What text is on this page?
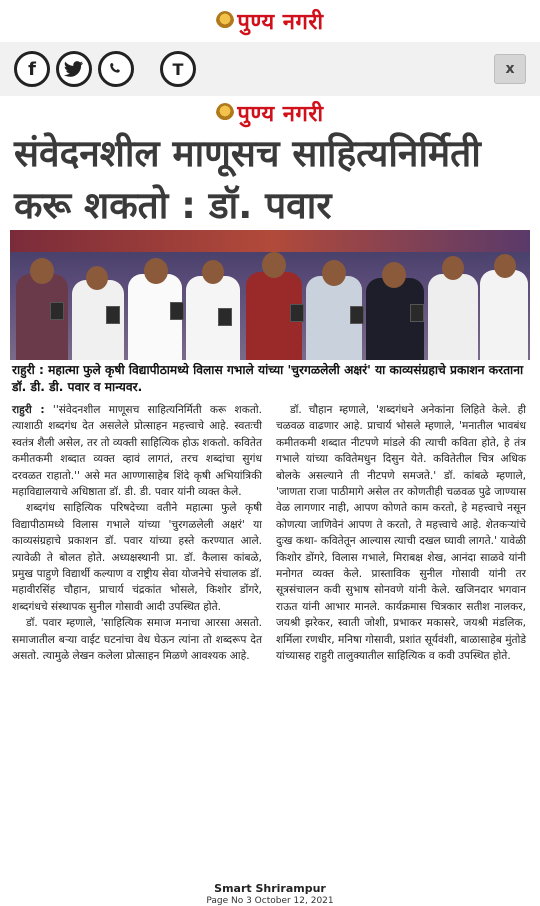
पुण्य नगरी
f	T	x
पुण्य नगरी
संवेदनशील माणूसच साहित्यनिर्मिती करू शकतो : डॉ. पवार
राहुरी : महात्मा फुले कृषी विद्यापीठामध्ये विलास गभाले यांच्या 'चुरगळलेली अक्षरं' या काव्यसंग्रहाचे प्रकाशन करताना डॉ. डी. डी. पवार व मान्यवर.

राहुरी : ''संवेदनशील माणूसच साहित्यनिर्मिती करू शकतो. त्याशाठी शब्दगंध देत असलेले प्रोत्साहन महत्त्वाचे आहे. स्वतःची स्वतंत्र शैली असेल, तर तो व्यक्ती साहित्यिक होऊ शकतो. कवितेत कमीतकमी शब्दात व्यक्त व्हावं लागतं, तरच शब्दांचा सुगंध दरवळत राहातो.'' असे मत आण्णासाहेब शिंदे कृषी अभियांत्रिकी महाविद्यालयाचे अधिष्ठाता डॉ. डी. डी. पवार यांनी व्यक्त केले.

शब्दगंध साहित्यिक परिषदेच्या वतीने महात्मा फुले कृषी विद्यापीठामध्ये विलास गभाले यांच्या 'चुरगळलेली अक्षरं' या काव्यसंग्रहाचे प्रकाशन डॉ. पवार यांच्या हस्ते करण्यात आले. त्यावेळी ते बोलत होते. अध्यक्षस्थानी प्रा. डॉ. कैलास कांबळे, प्रमुख पाहुणे विद्यार्थी कल्याण व राष्ट्रीय सेवा योजनेचे संचालक डॉ. महावीरसिंह चौहान, प्राचार्य चंद्रकांत भोसले, किशोर डोंगरे, शब्दगंधचे संस्थापक सुनील गोसावी आदी उपस्थित होते.

डॉ. पवार म्हणाले, 'साहित्यिक समाज मनाचा आरसा असतो. समाजातील बऱ्या वाईट घटनांचा वेध घेऊन त्यांना तो शब्दरूप देत असतो. त्यामुळे लेखन कलेला प्रोत्साहन मिळणे आवश्यक आहे.

डॉ. चौहान म्हणाले, 'शब्दगंधने अनेकांना लिहिते केले. ही चळवळ वाढणार आहे. प्राचार्य भोसले म्हणाले, 'मनातील भावबंध कमीतकमी शब्दात नीटपणे मांडले की त्याची कविता होते, हे तंत्र गभाले यांच्या कवितेमधुन दिसुन येते. कवितेतील चित्र अधिक बोलके असल्याने ती नीटपणे समजते.' डॉ. कांबळे म्हणाले, 'जाणता राजा पाठीमागे असेल तर कोणतीही चळवळ पुढे जाण्यास वेळ लागणार नाही, आपण कोणते काम करतो, हे महत्त्वाचे नसून कोणत्या जाणिवेनं आपण ते करतो, ते महत्त्वाचे आहे. शेतकऱ्यांचे दुःख कथा- कवितेतून आल्यास त्याची दखल घ्यावी लागते.' यावेळी किशोर डोंगरे, विलास गभाले, मिराबक्ष शेख, आनंदा साळवे यांनी मनोगत व्यक्त केले. प्रास्ताविक सुनील गोसावी यांनी तर सूत्रसंचालन कवी सुभाष सोनवणे यांनी केले. खजिनदार भगवान राऊत यांनी आभार मानले. कार्यक्रमास चित्रकार सतीश नालकर, जयश्री झरेकर, स्वाती जोशी, प्रभाकर मकासरे, जयश्री मंडलिक, शर्मिला रणधीर, मनिषा गोसावी, प्रशांत सूर्यवंशी, बाळासाहेब मुंतोडे यांच्यासह राहुरी तालुक्यातील साहित्यिक व कवी उपस्थित होते.

Smart Shrirampur
Page No 3 October 12, 2021
